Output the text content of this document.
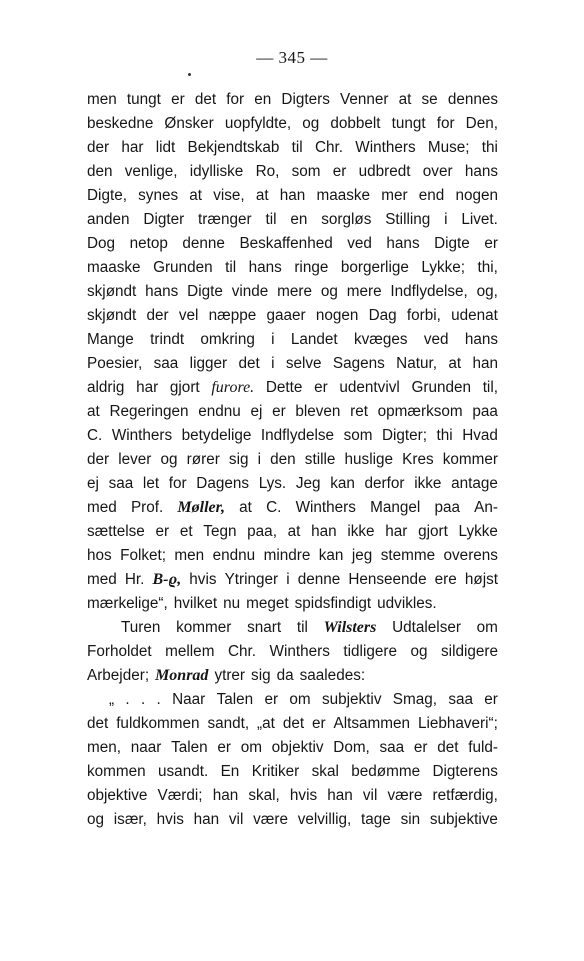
— 345 —
men tungt er det for en Digters Venner at se dennes
beskedne Ønsker uopfyldte, og dobbelt tungt for Den,
der har lidt Bekjendtskab til Chr. Winthers Muse; thi
den venlige, idylliske Ro, som er udbredt over hans
Digte, synes at vise, at han maaske mer end nogen
anden Digter trænger til en sorgløs Stilling i Livet.
Dog netop denne Beskaffenhed ved hans Digte er
maaske Grunden til hans ringe borgerlige Lykke; thi,
skjøndt hans Digte vinde mere og mere Indflydelse, og,
skjøndt der vel næppe gaaer nogen Dag forbi, udenat
Mange trindt omkring i Landet kvæges ved hans
Poesier, saa ligger det i selve Sagens Natur, at han
aldrig har gjort furore. Dette er udentvivl Grunden til,
at Regeringen endnu ej er bleven ret opmærksom paa
C. Winthers betydelige Indflydelse som Digter; thi Hvad
der lever og rører sig i den stille huslige Kres kommer
ej saa let for Dagens Lys. Jeg kan derfor ikke antage
med Prof. Møller, at C. Winthers Mangel paa An-
sættelse er et Tegn paa, at han ikke har gjort Lykke
hos Folket; men endnu mindre kan jeg stemme overens
med Hr. B-ϱ, hvis Ytringer i denne Henseende ere højst
mærkelige“, hvilket nu meget spidsfindigt udvikles.
Turen kommer snart til Wilsters Udtalelser om
Forholdet mellem Chr. Winthers tidligere og sildigere
Arbejder; Monrad ytrer sig da saaledes:
„ . . . Naar Talen er om subjektiv Smag, saa er
det fuldkommen sandt, „at det er Altsammen Liebhaveri“;
men, naar Talen er om objektiv Dom, saa er det fuld-
kommen usandt. En Kritiker skal bedømme Digterens
objektive Værdi; han skal, hvis han vil være retfærdig,
og især, hvis han vil være velvillig, tage sin subjektive
